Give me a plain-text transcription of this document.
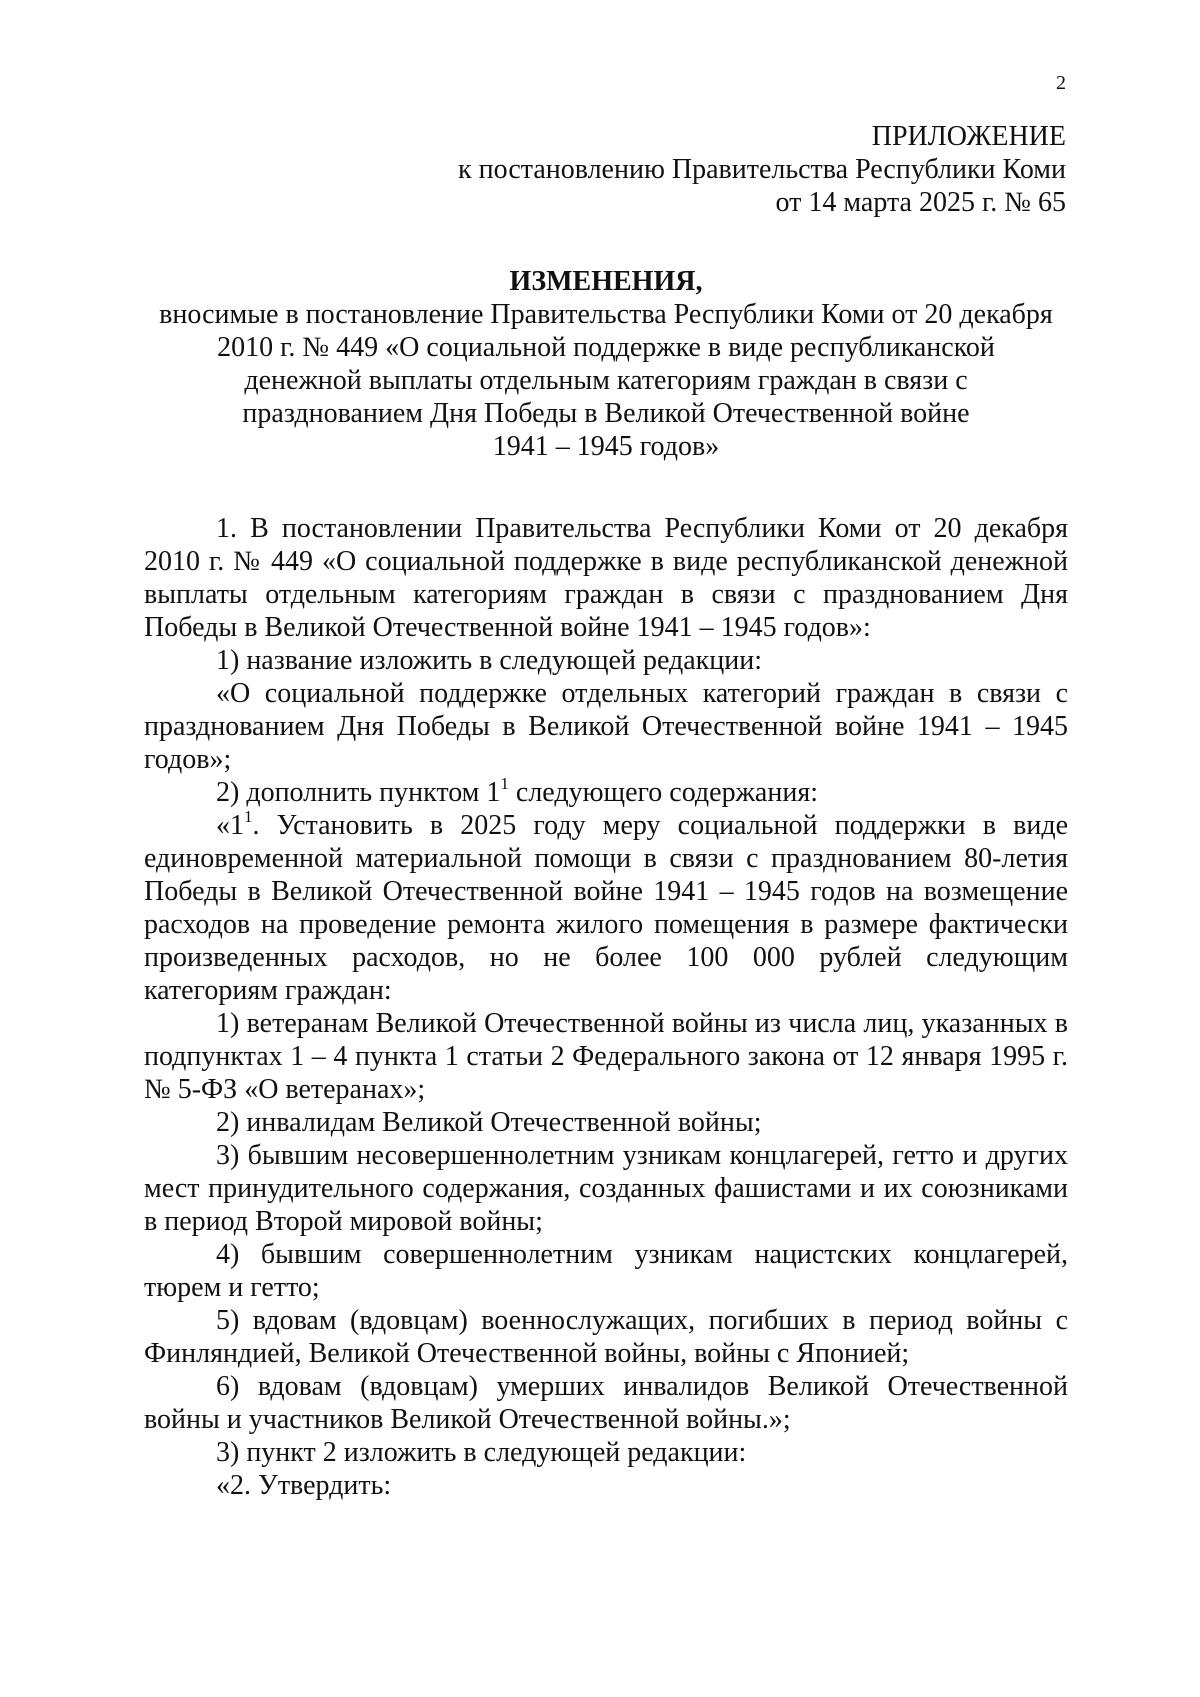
2
ПРИЛОЖЕНИЕ
к постановлению Правительства Республики Коми
от 14 марта 2025 г. № 65
ИЗМЕНЕНИЯ,
вносимые в постановление Правительства Республики Коми от 20 декабря
2010 г. № 449 «О социальной поддержке в виде республиканской
денежной выплаты отдельным категориям граждан в связи с
празднованием Дня Победы в Великой Отечественной войне
1941 – 1945 годов»

1. В постановлении Правительства Республики Коми от 20 декабря 2010 г. № 449 «О социальной поддержке в виде республиканской денежной выплаты отдельным категориям граждан в связи с празднованием Дня Победы в Великой Отечественной войне 1941 – 1945 годов»:

1) название изложить в следующей редакции:

«О социальной поддержке отдельных категорий граждан в связи с празднованием Дня Победы в Великой Отечественной войне 1941 – 1945 годов»;

2) дополнить пунктом $1^1$ следующего содержания:

«$1^1$. Установить в 2025 году меру социальной поддержки в виде единовременной материальной помощи в связи с празднованием 80-летия Победы в Великой Отечественной войне 1941 – 1945 годов на возмещение расходов на проведение ремонта жилого помещения в размере фактически произведенных расходов, но не более 100 000 рублей следующим категориям граждан:

1) ветеранам Великой Отечественной войны из числа лиц, указанных в подпунктах 1 – 4 пункта 1 статьи 2 Федерального закона от 12 января 1995 г. № 5-ФЗ «О ветеранах»;

2) инвалидам Великой Отечественной войны;

3) бывшим несовершеннолетним узникам концлагерей, гетто и других мест принудительного содержания, созданных фашистами и их союзниками в период Второй мировой войны;

4) бывшим совершеннолетним узникам нацистских концлагерей, тюрем и гетто;

5) вдовам (вдовцам) военнослужащих, погибших в период войны с Финляндией, Великой Отечественной войны, войны с Японией;

6) вдовам (вдовцам) умерших инвалидов Великой Отечественной войны и участников Великой Отечественной войны.»;

3) пункт 2 изложить в следующей редакции:

«2. Утвердить:
